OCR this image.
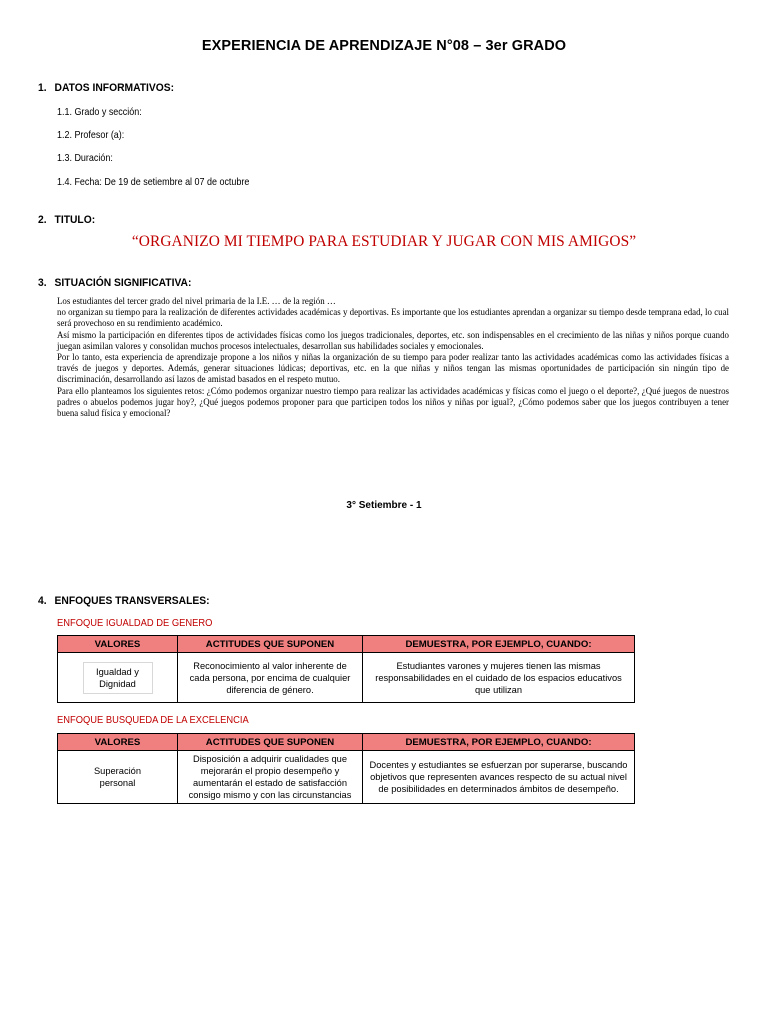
EXPERIENCIA DE APRENDIZAJE N°08 – 3er GRADO
1. DATOS INFORMATIVOS:
1.1. Grado y sección:
1.2. Profesor (a):
1.3. Duración:
1.4. Fecha: De 19 de setiembre al 07 de octubre
2. TITULO:
“ORGANIZO MI TIEMPO PARA ESTUDIAR Y JUGAR CON MIS AMIGOS”
3. SITUACIÓN SIGNIFICATIVA:

Los estudiantes del tercer grado del nivel primaria de la I.E. … de la región …

no organizan su tiempo para la realización de diferentes actividades académicas y deportivas. Es importante que los estudiantes aprendan a organizar su tiempo desde temprana edad, lo cual será provechoso en su rendimiento académico.

Así mismo la participación en diferentes tipos de actividades físicas como los juegos tradicionales, deportes, etc. son indispensables en el crecimiento de las niñas y niños porque cuando juegan asimilan valores y consolidan muchos procesos intelectuales, desarrollan sus habilidades sociales y emocionales.

Por lo tanto, esta experiencia de aprendizaje propone a los niños y niñas la organización de su tiempo para poder realizar tanto las actividades académicas como las actividades físicas a través de juegos y deportes. Además, generar situaciones lúdicas; deportivas, etc. en la que niñas y niños tengan las mismas oportunidades de participación sin ningún tipo de discriminación, desarrollando así lazos de amistad basados en el respeto mutuo.

Para ello planteamos los siguientes retos: ¿Cómo podemos organizar nuestro tiempo para realizar las actividades académicas y físicas como el juego o el deporte?, ¿Qué juegos de nuestros padres o abuelos podemos jugar hoy?, ¿Qué juegos podemos proponer para que participen todos los niños y niñas por igual?, ¿Cómo podemos saber que los juegos contribuyen a tener buena salud física y emocional?

3° Setiembre - 1
4. ENFOQUES TRANSVERSALES:
ENFOQUE IGUALDAD DE GENERO
VALORES	ACTITUDES QUE SUPONEN	DEMUESTRA, POR EJEMPLO, CUANDO:
Igualdad y Dignidad	Reconocimiento al valor inherente de cada persona, por encima de cualquier diferencia de género.	Estudiantes varones y mujeres tienen las mismas responsabilidades en el cuidado de los espacios educativos que utilizan
ENFOQUE BUSQUEDA DE LA EXCELENCIA
VALORES	ACTITUDES QUE SUPONEN	DEMUESTRA, POR EJEMPLO, CUANDO:
Superación personal	Disposición a adquirir cualidades que mejorarán el propio desempeño y aumentarán el estado de satisfacción consigo mismo y con las circunstancias	Docentes y estudiantes se esfuerzan por superarse, buscando objetivos que representen avances respecto de su actual nivel de posibilidades en determinados ámbitos de desempeño.
